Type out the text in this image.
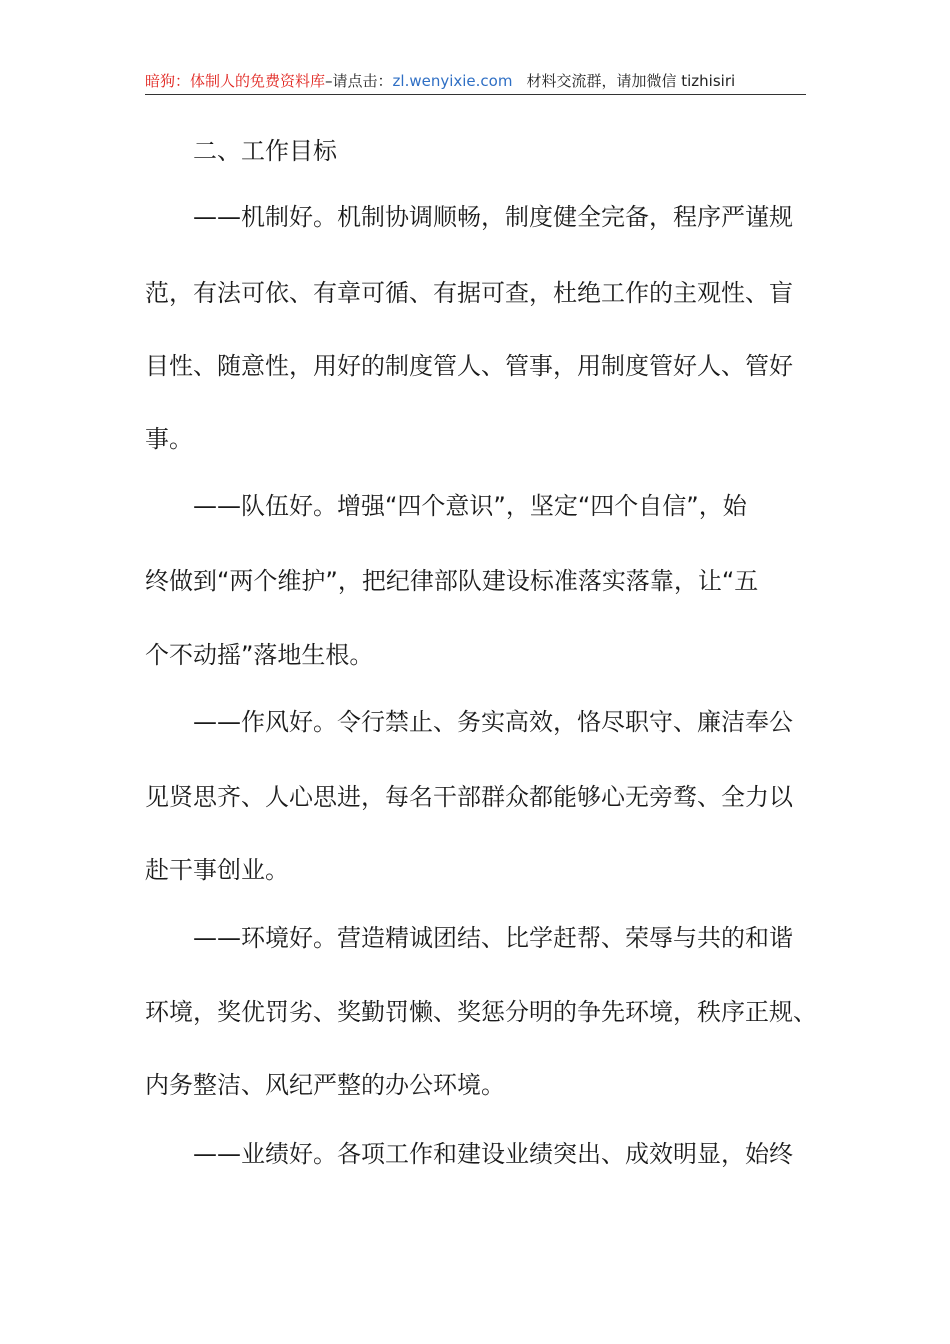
暗狗：体制人的免费资料库–请点击：zl.wenyixie.com 材料交流群，请加微信 tizhisiri
二、工作目标
——机制好。机制协调顺畅，制度健全完备，程序严谨规
范，有法可依、有章可循、有据可查，杜绝工作的主观性、盲
目性、随意性，用好的制度管人、管事，用制度管好人、管好
事。
——队伍好。增强“四个意识”，坚定“四个自信”，始
终做到“两个维护”，把纪律部队建设标准落实落靠，让“五
个不动摇”落地生根。
——作风好。令行禁止、务实高效，恪尽职守、廉洁奉公
见贤思齐、人心思进，每名干部群众都能够心无旁骛、全力以
赴干事创业。
——环境好。营造精诚团结、比学赶帮、荣辱与共的和谐
环境，奖优罚劣、奖勤罚懒、奖惩分明的争先环境，秩序正规、
内务整洁、风纪严整的办公环境。
——业绩好。各项工作和建设业绩突出、成效明显，始终
